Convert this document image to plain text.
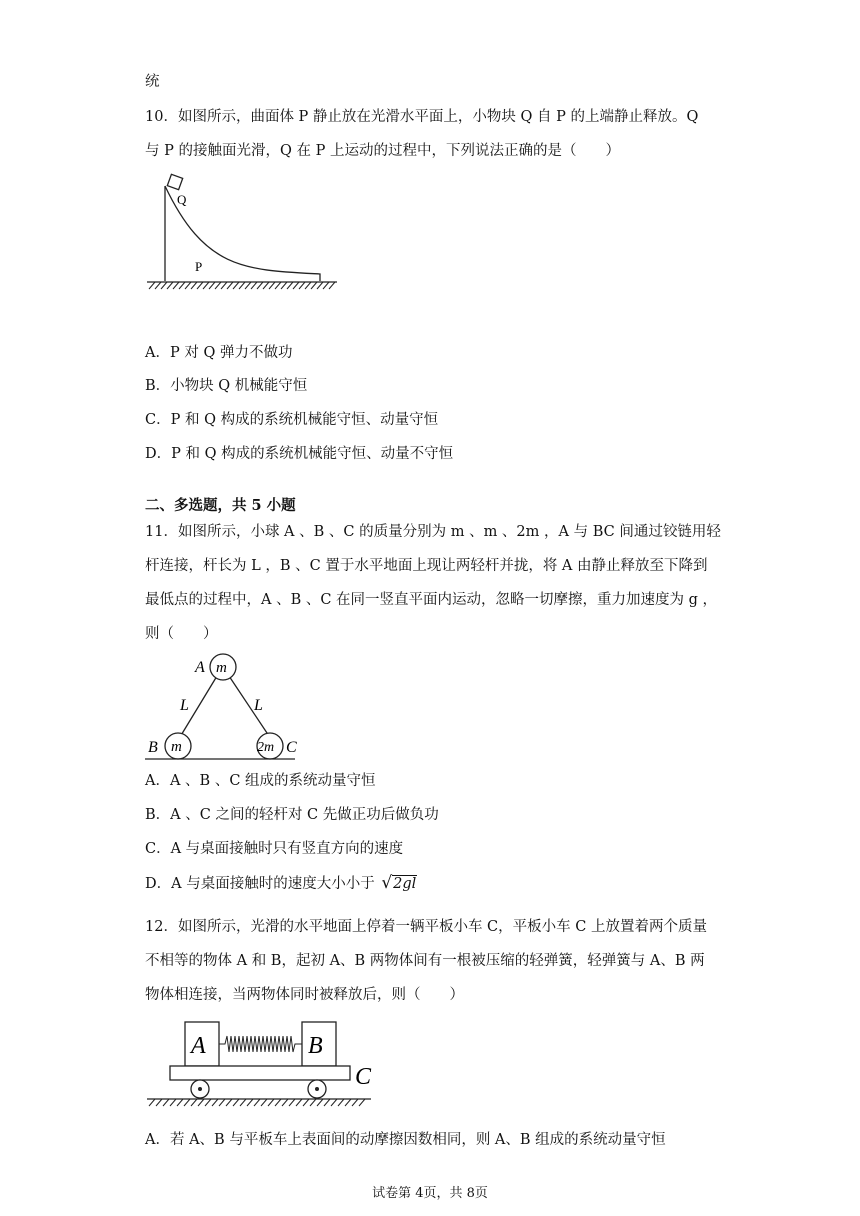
统
10．如图所示，曲面体 P 静止放在光滑水平面上，小物块 Q 自 P 的上端静止释放。Q
与 P 的接触面光滑，Q 在 P 上运动的过程中，下列说法正确的是（　　）
Q
P
A．P 对 Q 弹力不做功
B．小物块 Q 机械能守恒
C．P 和 Q 构成的系统机械能守恒、动量守恒
D．P 和 Q 构成的系统机械能守恒、动量不守恒
二、多选题，共 5 小题
11．如图所示，小球 A 、B 、C 的质量分别为 m 、m 、2m ，A 与 BC 间通过铰链用轻
杆连接，杆长为 L ，B 、C 置于水平地面上现让两轻杆并拢，将 A 由静止释放至下降到
最低点的过程中，A 、B 、C 在同一竖直平面内运动，忽略一切摩擦，重力加速度为 g ，
则（　　）
A m
L	L
B m	2m C
A．A 、B 、C 组成的系统动量守恒
B．A 、C 之间的轻杆对 C 先做正功后做负功
C．A 与桌面接触时只有竖直方向的速度
D．A 与桌面接触时的速度大小小于 √2gl
12．如图所示，光滑的水平地面上停着一辆平板小车 C，平板小车 C 上放置着两个质量
不相等的物体 A 和 B，起初 A、B 两物体间有一根被压缩的轻弹簧，轻弹簧与 A、B 两
物体相连接，当两物体同时被释放后，则（　　）
A	B
C
A．若 A、B 与平板车上表面间的动摩擦因数相同，则 A、B 组成的系统动量守恒
试卷第 4页，共 8页
